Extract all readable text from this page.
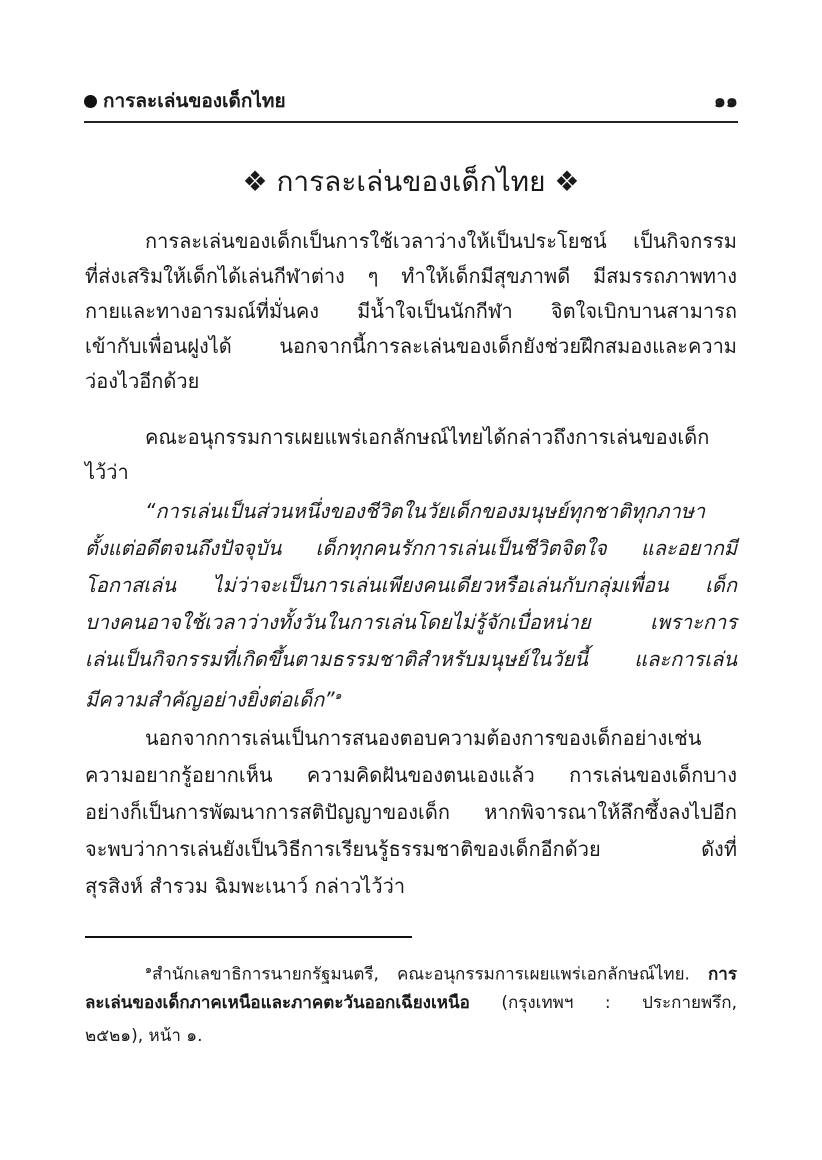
การละเล่นของเด็กไทย	๑๑
❖ การละเล่นของเด็กไทย ❖
การละเล่นของเด็กเป็นการใช้เวลาว่างให้เป็นประโยชน์ เป็นกิจกรรม
ที่ส่งเสริมให้เด็กได้เล่นกีฬาต่าง ๆ ทำให้เด็กมีสุขภาพดี มีสมรรถภาพทาง
กายและทางอารมณ์ที่มั่นคง มีน้ำใจเป็นนักกีฬา จิตใจเบิกบานสามารถ
เข้ากับเพื่อนฝูงได้ นอกจากนี้การละเล่นของเด็กยังช่วยฝึกสมองและความ
ว่องไวอีกด้วย
คณะอนุกรรมการเผยแพร่เอกลักษณ์ไทยได้กล่าวถึงการเล่นของเด็ก
ไว้ว่า
“การเล่นเป็นส่วนหนึ่งของชีวิตในวัยเด็กของมนุษย์ทุกชาติทุกภาษา
ตั้งแต่อดีตจนถึงปัจจุบัน เด็กทุกคนรักการเล่นเป็นชีวิตจิตใจ และอยากมี
โอกาสเล่น ไม่ว่าจะเป็นการเล่นเพียงคนเดียวหรือเล่นกับกลุ่มเพื่อน เด็ก
บางคนอาจใช้เวลาว่างทั้งวันในการเล่นโดยไม่รู้จักเบื่อหน่าย เพราะการ
เล่นเป็นกิจกรรมที่เกิดขึ้นตามธรรมชาติสำหรับมนุษย์ในวัยนี้ และการเล่น
มีความสำคัญอย่างยิ่งต่อเด็ก”$^๑$
นอกจากการเล่นเป็นการสนองตอบความต้องการของเด็กอย่างเช่น
ความอยากรู้อยากเห็น ความคิดฝันของตนเองแล้ว การเล่นของเด็กบาง
อย่างก็เป็นการพัฒนาการสติปัญญาของเด็ก หากพิจารณาให้ลึกซึ้งลงไปอีก
จะพบว่าการเล่นยังเป็นวิธีการเรียนรู้ธรรมชาติของเด็กอีกด้วย ดังที่
สุรสิงห์ สำรวม ฉิมพะเนาว์ กล่าวไว้ว่า
$^๑$สำนักเลขาธิการนายกรัฐมนตรี, คณะอนุกรรมการเผยแพร่เอกลักษณ์ไทย. การ
ละเล่นของเด็กภาคเหนือและภาคตะวันออกเฉียงเหนือ (กรุงเทพฯ : ประกายพรึก,
๒๕๒๑), หน้า ๑.
